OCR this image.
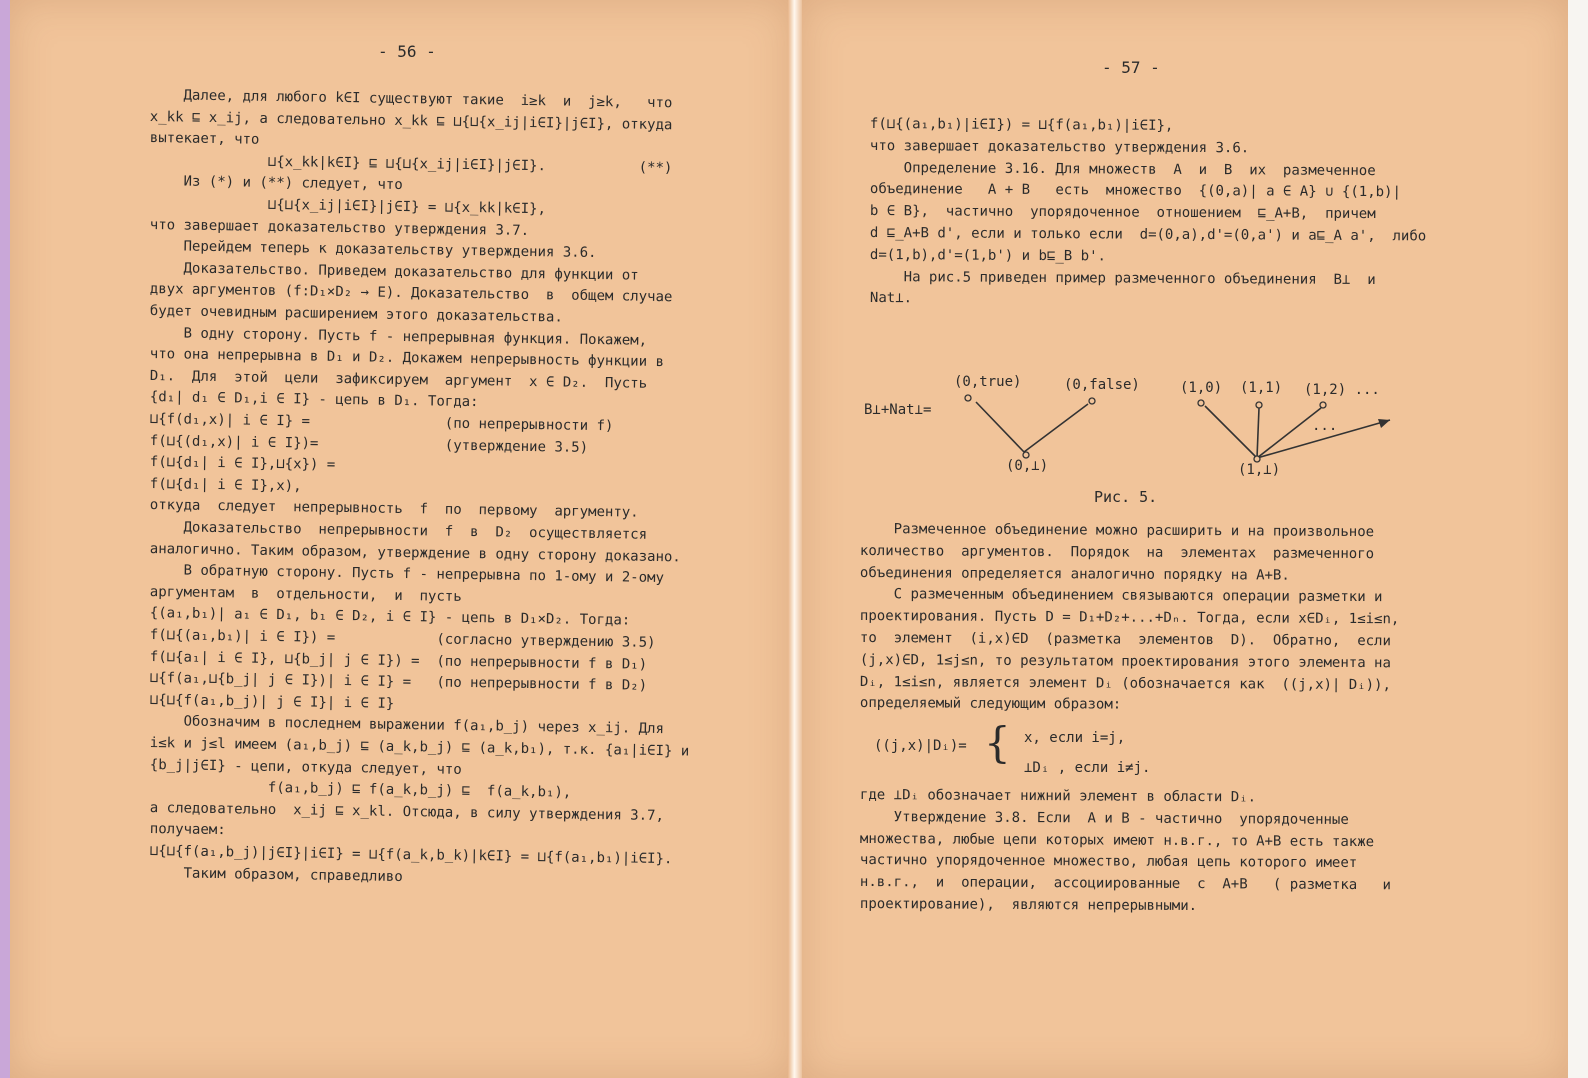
- 56 -
Далее, для любого k∈I существуют такие  i≥k  и  j≥k,   что
x_kk ⊑ x_ij, а следовательно x_kk ⊑ ⊔{⊔{x_ij|i∈I}|j∈I}, откуда
вытекает, что
⊔{x_kk|k∈I} ⊑ ⊔{⊔{x_ij|i∈I}|j∈I}.           (**)
Из (*) и (**) следует, что
⊔{⊔{x_ij|i∈I}|j∈I} = ⊔{x_kk|k∈I},
что завершает доказательство утверждения 3.7.
Перейдем теперь к доказательству утверждения 3.6.
Доказательство. Приведем доказательство для функции от
двух аргументов (f:D₁×D₂ → E). Доказательство  в  общем случае
будет очевидным расширением этого доказательства.
В одну сторону. Пусть f - непрерывная функция. Покажем,
что она непрерывна в D₁ и D₂. Докажем непрерывность функции в
D₁.  Для  этой  цели  зафиксируем  аргумент  x ∈ D₂.  Пусть
{d₁| d₁ ∈ D₁,i ∈ I} - цепь в D₁. Тогда:
⊔{f(d₁,x)| i ∈ I} =                (по непрерывности f)
f(⊔{(d₁,x)| i ∈ I})=               (утверждение 3.5)
f(⊔{d₁| i ∈ I},⊔{x}) =
f(⊔{d₁| i ∈ I},x),
откуда  следует  непрерывность  f  по  первому  аргументу.
Доказательство  непрерывности  f  в  D₂  осуществляется
аналогично. Таким образом, утверждение в одну сторону доказано.
В обратную сторону. Пусть f - непрерывна по 1-ому и 2-ому
аргументам  в  отдельности,  и  пусть
{(a₁,b₁)| a₁ ∈ D₁, b₁ ∈ D₂, i ∈ I} - цепь в D₁×D₂. Тогда:
f(⊔{(a₁,b₁)| i ∈ I}) =            (согласно утверждению 3.5)
f(⊔{a₁| i ∈ I}, ⊔{b_j| j ∈ I}) =  (по непрерывности f в D₁)
⊔{f(a₁,⊔{b_j| j ∈ I})| i ∈ I} =   (по непрерывности f в D₂)
⊔{⊔{f(a₁,b_j)| j ∈ I}| i ∈ I}
Обозначим в последнем выражении f(a₁,b_j) через x_ij. Для
i≤k и j≤l имеем (a₁,b_j) ⊑ (a_k,b_j) ⊑ (a_k,b₁), т.к. {a₁|i∈I} и
{b_j|j∈I} - цепи, откуда следует, что
f(a₁,b_j) ⊑ f(a_k,b_j) ⊑  f(a_k,b₁),
а следовательно  x_ij ⊑ x_kl. Отсюда, в силу утверждения 3.7,
получаем:
⊔{⊔{f(a₁,b_j)|j∈I}|i∈I} = ⊔{f(a_k,b_k)|k∈I} = ⊔{f(a₁,b₁)|i∈I}.
Таким образом, справедливо
- 57 -
f(⊔{(a₁,b₁)|i∈I}) = ⊔{f(a₁,b₁)|i∈I},
что завершает доказательство утверждения 3.6.
Определение 3.16. Для множеств  A  и  B  их  размеченное
объединение   A + B   есть  множество  {(0,a)| a ∈ A} ∪ {(1,b)|
b ∈ B},  частично  упорядоченное  отношением  ⊑_A+B,  причем
d ⊑_A+B d', если и только если  d=(0,a),d'=(0,a') и a⊑_A a',  либо
d=(1,b),d'=(1,b') и b⊑_B b'.
На рис.5 приведен пример размеченного объединения  B⊥  и
Nat⊥.
B⊥+Nat⊥=
(0,true)	(0,false)
(0,⊥)
(1,0) (1,1) (1,2) ...
...
(1,⊥)
Рис. 5.
Размеченное объединение можно расширить и на произвольное
количество  аргументов.  Порядок  на  элементах  размеченного
объединения определяется аналогично порядку на A+B.
С размеченным объединением связываются операции разметки и
проектирования. Пусть D = D₁+D₂+...+Dₙ. Тогда, если x∈Dᵢ, 1≤i≤n,
то  элемент  (i,x)∈D  (разметка  элементов  D).  Обратно,  если
(j,x)∈D, 1≤j≤n, то результатом проектирования этого элемента на
Dᵢ, 1≤i≤n, является элемент Dᵢ (обозначается как  ((j,x)| Dᵢ)),
определяемый следующим образом:
((j,x)|Dᵢ)= { x, если i=j,
⊥Dᵢ , если i≠j.
где ⊥Dᵢ обозначает нижний элемент в области Dᵢ.
Утверждение 3.8. Если  A и B - частично  упорядоченные
множества, любые цепи которых имеют н.в.г., то A+B есть также
частично упорядоченное множество, любая цепь которого имеет
н.в.г.,  и  операции,  ассоциированные  с  A+B   ( разметка   и
проектирование),  являются непрерывными.
